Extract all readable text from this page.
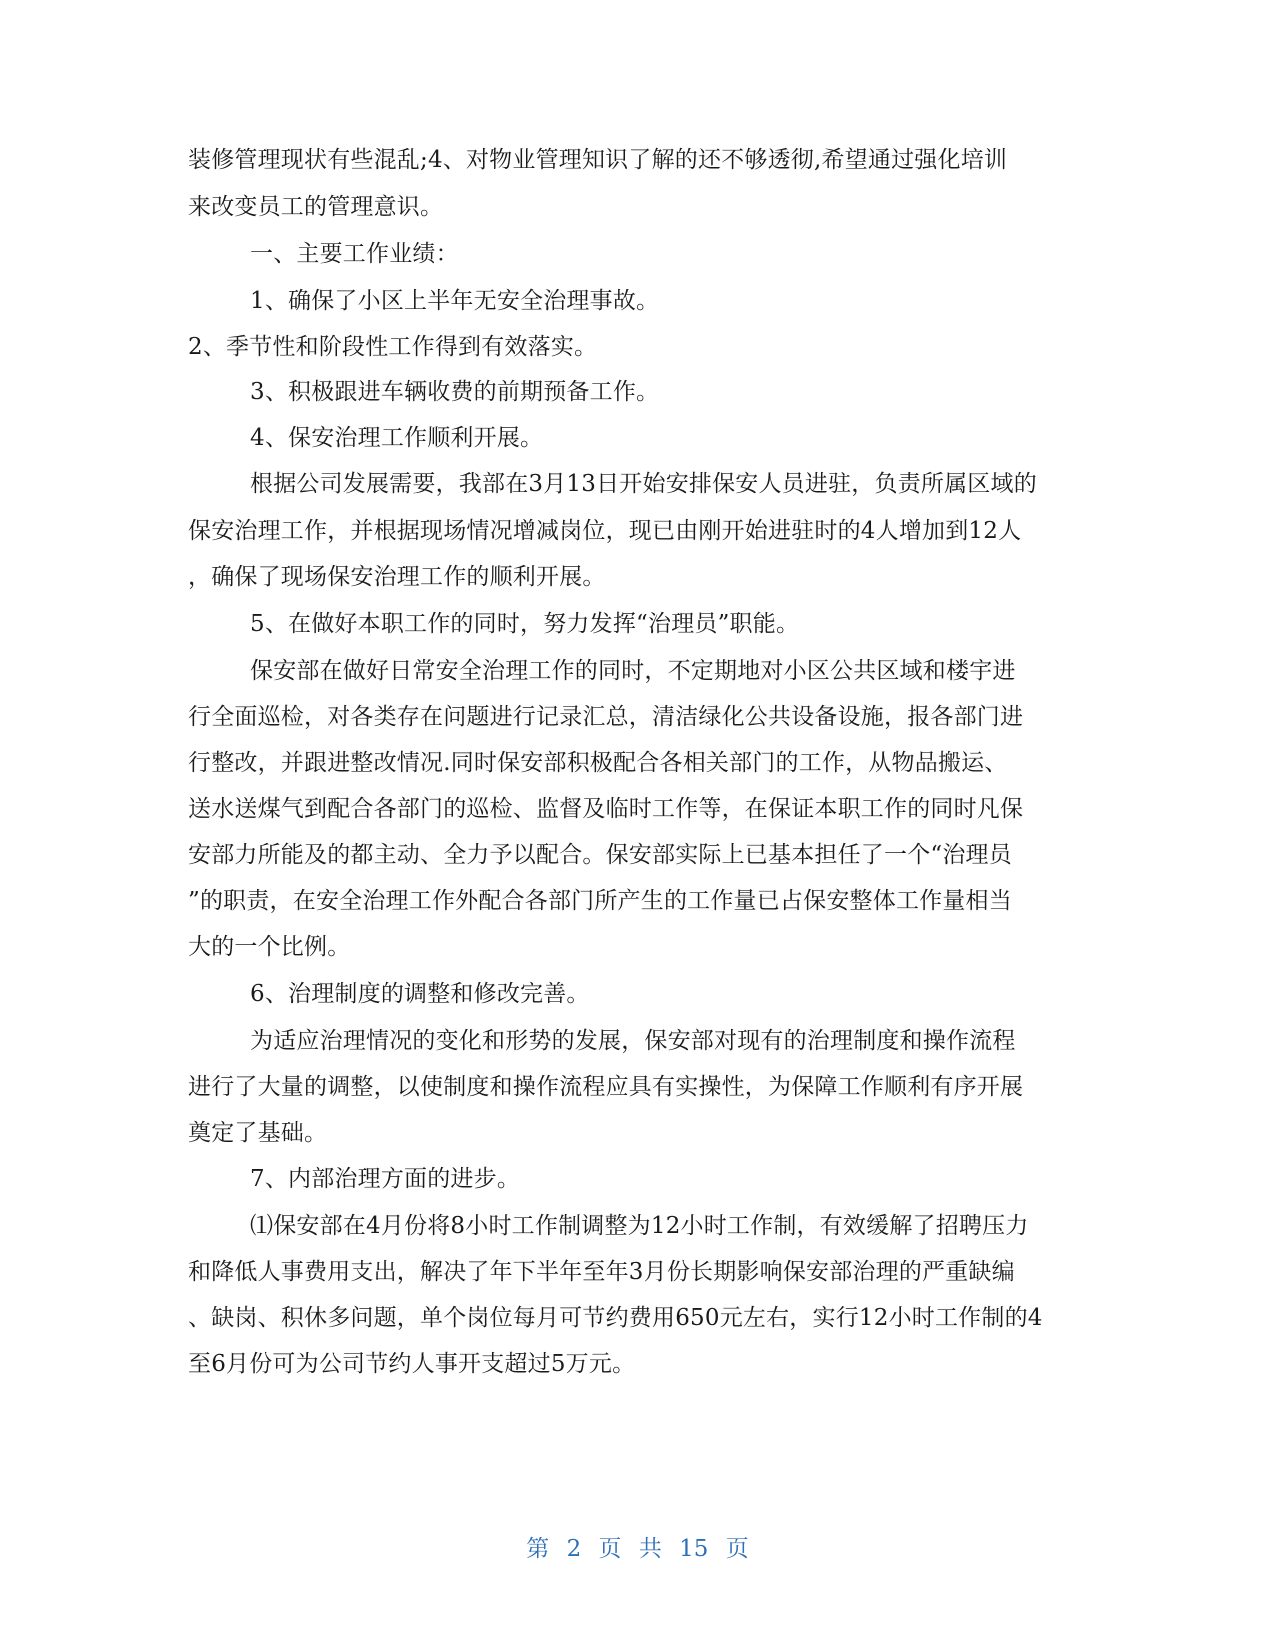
装修管理现状有些混乱;4、对物业管理知识了解的还不够透彻,希望通过强化培训
来改变员工的管理意识。
一、主要工作业绩：
1、确保了小区上半年无安全治理事故。
2、季节性和阶段性工作得到有效落实。
3、积极跟进车辆收费的前期预备工作。
4、保安治理工作顺利开展。
根据公司发展需要，我部在3月13日开始安排保安人员进驻，负责所属区域的
保安治理工作，并根据现场情况增减岗位，现已由刚开始进驻时的4人增加到12人
，确保了现场保安治理工作的顺利开展。
5、在做好本职工作的同时，努力发挥“治理员”职能。
保安部在做好日常安全治理工作的同时，不定期地对小区公共区域和楼宇进
行全面巡检，对各类存在问题进行记录汇总，清洁绿化公共设备设施，报各部门进
行整改，并跟进整改情况.同时保安部积极配合各相关部门的工作，从物品搬运、
送水送煤气到配合各部门的巡检、监督及临时工作等，在保证本职工作的同时凡保
安部力所能及的都主动、全力予以配合。保安部实际上已基本担任了一个“治理员
”的职责，在安全治理工作外配合各部门所产生的工作量已占保安整体工作量相当
大的一个比例。
6、治理制度的调整和修改完善。
为适应治理情况的变化和形势的发展，保安部对现有的治理制度和操作流程
进行了大量的调整，以使制度和操作流程应具有实操性，为保障工作顺利有序开展
奠定了基础。
7、内部治理方面的进步。
⑴保安部在4月份将8小时工作制调整为12小时工作制，有效缓解了招聘压力
和降低人事费用支出，解决了年下半年至年3月份长期影响保安部治理的严重缺编
、缺岗、积休多问题，单个岗位每月可节约费用650元左右，实行12小时工作制的4
至6月份可为公司节约人事开支超过5万元。
第 2 页 共 15 页
